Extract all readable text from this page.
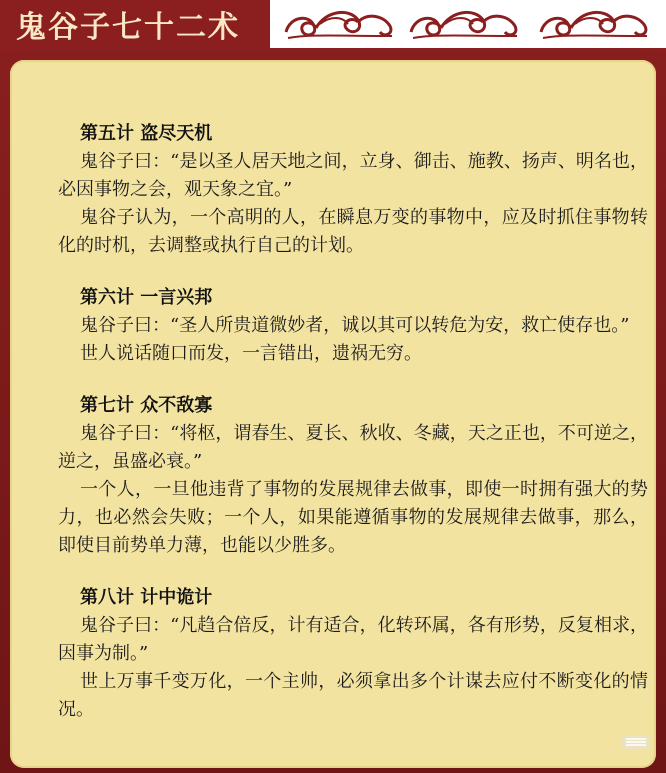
鬼谷子七十二术
第五计 盗尽天机

鬼谷子曰：“是以圣人居天地之间，立身、御击、施教、扬声、明名也，必因事物之会，观天象之宜。”

鬼谷子认为，一个高明的人，在瞬息万变的事物中，应及时抓住事物转化的时机，去调整或执行自己的计划。

第六计 一言兴邦

鬼谷子曰：“圣人所贵道微妙者，诚以其可以转危为安，救亡使存也。”

世人说话随口而发，一言错出，遗祸无穷。

第七计 众不敌寡

鬼谷子曰：“将枢，谓春生、夏长、秋收、冬藏，天之正也，不可逆之，逆之，虽盛必衰。”

一个人，一旦他违背了事物的发展规律去做事，即使一时拥有强大的势力，也必然会失败；一个人，如果能遵循事物的发展规律去做事，那么，即使目前势单力薄，也能以少胜多。

第八计 计中诡计

鬼谷子曰：“凡趋合倍反，计有适合，化转环属，各有形势，反复相求，因事为制。”

世上万事千变万化，一个主帅，必须拿出多个计谋去应付不断变化的情况。
